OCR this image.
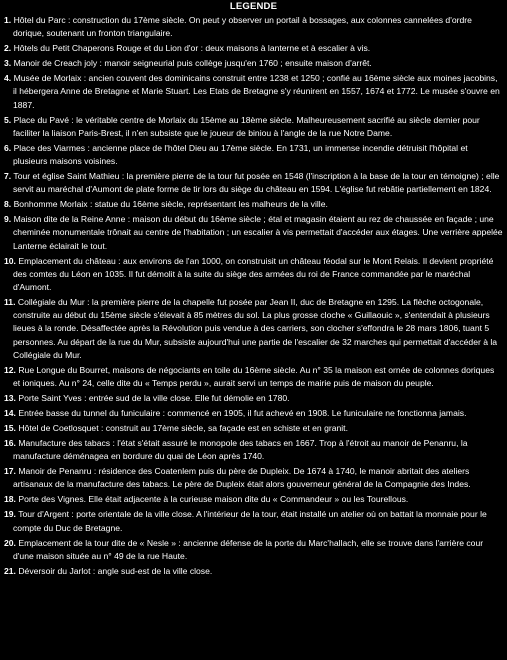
LEGENDE
1. Hôtel du Parc : construction du 17ème siècle. On peut y observer un portail à bossages, aux colonnes cannelées d'ordre dorique, soutenant un fronton triangulaire.
2. Hôtels du Petit Chaperons Rouge et du Lion d'or : deux maisons à lanterne et à escalier à vis.
3. Manoir de Creach joly : manoir seigneurial puis collège jusqu'en 1760 ; ensuite maison d'arrêt.
4. Musée de Morlaix : ancien couvent des dominicains construit entre 1238 et 1250 ; confié au 16ème siècle aux moines jacobins, il hébergera Anne de Bretagne et Marie Stuart. Les Etats de Bretagne s'y réunirent en 1557, 1674 et 1772. Le musée s'ouvre en 1887.
5. Place du Pavé : le véritable centre de Morlaix du 15ème au 18ème siècle. Malheureusement sacrifié au siècle dernier pour faciliter la liaison Paris-Brest, il n'en subsiste que le joueur de biniou à l'angle de la rue Notre Dame.
6. Place des Viarmes : ancienne place de l'hôtel Dieu au 17ème siècle. En 1731, un immense incendie détruisit l'hôpital et plusieurs maisons voisines.
7. Tour et église Saint Mathieu : la première pierre de la tour fut posée en 1548 (l'inscription à la base de la tour en témoigne) ; elle servit au maréchal d'Aumont de plate forme de tir lors du siège du château en 1594. L'église fut rebâtie partiellement en 1824.
8. Bonhomme Morlaix : statue du 16ème siècle, représentant les malheurs de la ville.
9. Maison dite de la Reine Anne : maison du début du 16ème siècle ; étal et magasin étaient au rez de chaussée en façade ; une cheminée monumentale trônait au centre de l'habitation ; un escalier à vis permettait d'accéder aux étages. Une verrière appelée Lanterne éclairait le tout.
10. Emplacement du château : aux environs de l'an 1000, on construisit un château féodal sur le Mont Relais. Il devient propriété des comtes du Léon en 1035. Il fut démolit à la suite du siège des armées du roi de France commandée par le maréchal d'Aumont.
11. Collégiale du Mur : la première pierre de la chapelle fut posée par Jean II, duc de Bretagne en 1295. La flèche octogonale, construite au début du 15ème siècle s'élevait à 85 mètres du sol. La plus grosse cloche « Guillaouic », s'entendait à plusieurs lieues à la ronde. Désaffectée après la Révolution puis vendue à des carriers, son clocher s'effondra le 28 mars 1806, tuant 5 personnes. Au départ de la rue du Mur, subsiste aujourd'hui une partie de l'escalier de 32 marches qui permettait d'accéder à la Collégiale du Mur.
12. Rue Longue du Bourret, maisons de négociants en toile du 16ème siècle. Au n° 35 la maison est ornée de colonnes doriques et ioniques. Au n° 24, celle dite du « Temps perdu », aurait servi un temps de mairie puis de maison du peuple.
13. Porte Saint Yves : entrée sud de la ville close. Elle fut démolie en 1780.
14. Entrée basse du tunnel du funiculaire : commencé en 1905, il fut achevé en 1908. Le funiculaire ne fonctionna jamais.
15. Hôtel de Coetlosquet : construit au 17ème siècle, sa façade est en schiste et en granit.
16. Manufacture des tabacs : l'état s'était assuré le monopole des tabacs en 1667. Trop à l'étroit au manoir de Penanru, la manufacture déménagea en bordure du quai de Léon après 1740.
17. Manoir de Penanru : résidence des Coatenlem puis du père de Dupleix. De 1674 à 1740, le manoir abritait des ateliers artisanaux de la manufacture des tabacs. Le père de Dupleix était alors gouverneur général de la Compagnie des Indes.
18. Porte des Vignes. Elle était adjacente à la curieuse maison dite du « Commandeur » ou les Tourellous.
19. Tour d'Argent : porte orientale de la ville close. A l'intérieur de la tour, était installé un atelier où on battait la monnaie pour le compte du Duc de Bretagne.
20. Emplacement de la tour dite de « Nesle » : ancienne défense de la porte du Marc'hallach, elle se trouve dans l'arrière cour d'une maison située au n° 49 de la rue Haute.
21. Déversoir du Jarlot : angle sud-est de la ville close.
